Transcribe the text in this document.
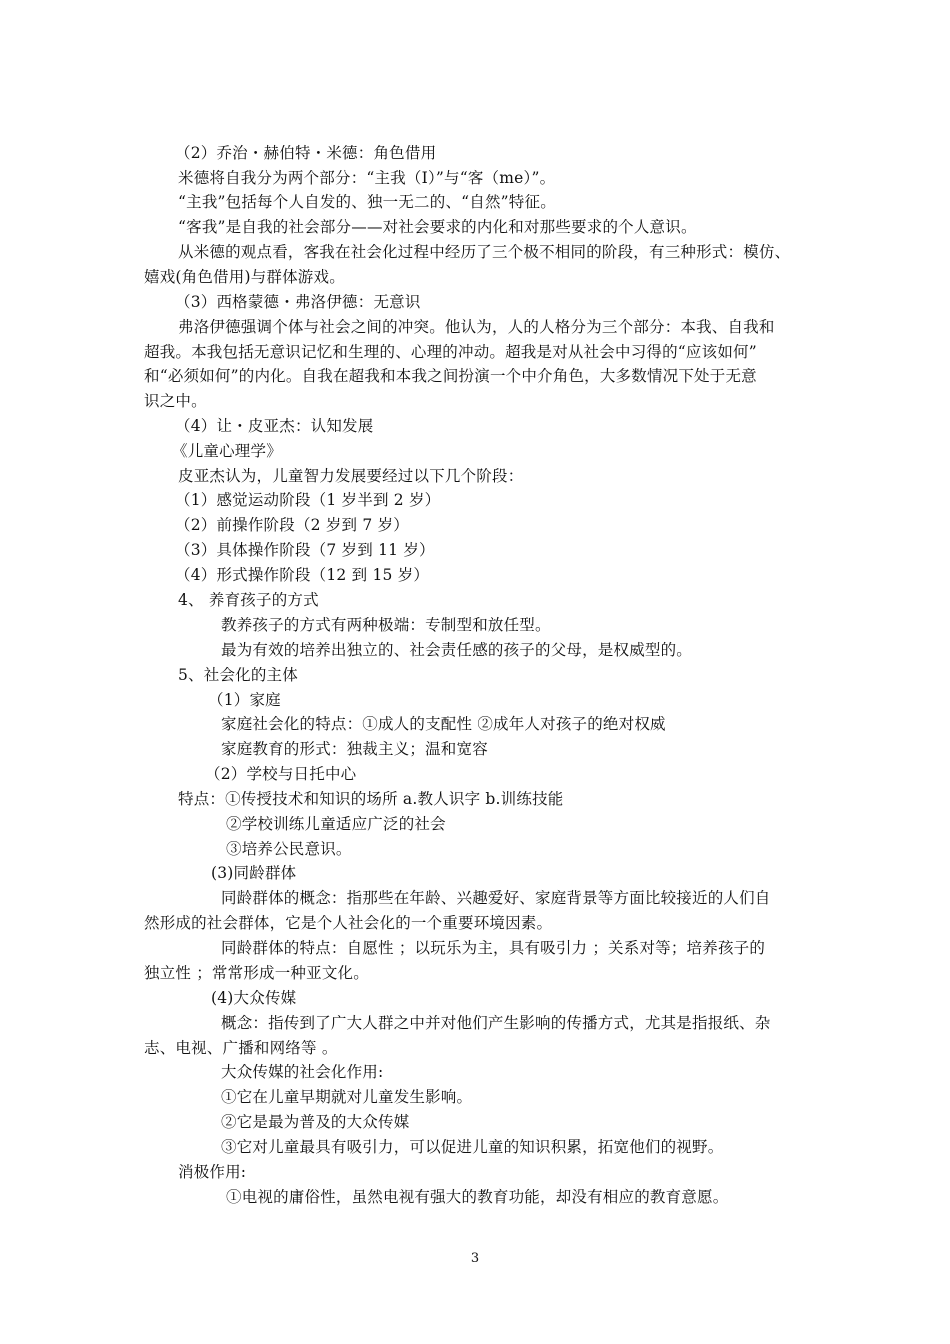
（2）乔治・赫伯特・米德：角色借用
米德将自我分为两个部分：“主我（I）”与“客（me）”。
“主我”包括每个人自发的、独一无二的、“自然”特征。
“客我”是自我的社会部分——对社会要求的内化和对那些要求的个人意识。
从米德的观点看，客我在社会化过程中经历了三个极不相同的阶段，有三种形式：模仿、
嬉戏(角色借用)与群体游戏。
（3）西格蒙德・弗洛伊德：无意识
弗洛伊德强调个体与社会之间的冲突。他认为，人的人格分为三个部分：本我、自我和
超我。本我包括无意识记忆和生理的、心理的冲动。超我是对从社会中习得的“应该如何”
和“必须如何”的内化。自我在超我和本我之间扮演一个中介角色，大多数情况下处于无意
识之中。
（4）让・皮亚杰：认知发展
《儿童心理学》
皮亚杰认为，儿童智力发展要经过以下几个阶段：
（1）感觉运动阶段（1 岁半到 2 岁）
（2）前操作阶段（2 岁到 7 岁）
（3）具体操作阶段（7 岁到 11 岁）
（4）形式操作阶段（12 到 15 岁）
4、 养育孩子的方式
教养孩子的方式有两种极端：专制型和放任型。
最为有效的培养出独立的、社会责任感的孩子的父母，是权威型的。
5、社会化的主体
（1）家庭
家庭社会化的特点：①成人的支配性 ②成年人对孩子的绝对权威
家庭教育的形式：独裁主义；温和宽容
（2）学校与日托中心
特点：①传授技术和知识的场所 a.教人识字 b.训练技能
②学校训练儿童适应广泛的社会
③培养公民意识。
(3)同龄群体
同龄群体的概念：指那些在年龄、兴趣爱好、家庭背景等方面比较接近的人们自
然形成的社会群体，它是个人社会化的一个重要环境因素。
同龄群体的特点：自愿性 ；以玩乐为主，具有吸引力 ；关系对等；培养孩子的
独立性 ；常常形成一种亚文化。
(4)大众传媒
概念：指传到了广大人群之中并对他们产生影响的传播方式，尤其是指报纸、杂
志、电视、广播和网络等 。
大众传媒的社会化作用:
①它在儿童早期就对儿童发生影响。
②它是最为普及的大众传媒
③它对儿童最具有吸引力，可以促进儿童的知识积累，拓宽他们的视野。
消极作用:
①电视的庸俗性，虽然电视有强大的教育功能，却没有相应的教育意愿。
3
